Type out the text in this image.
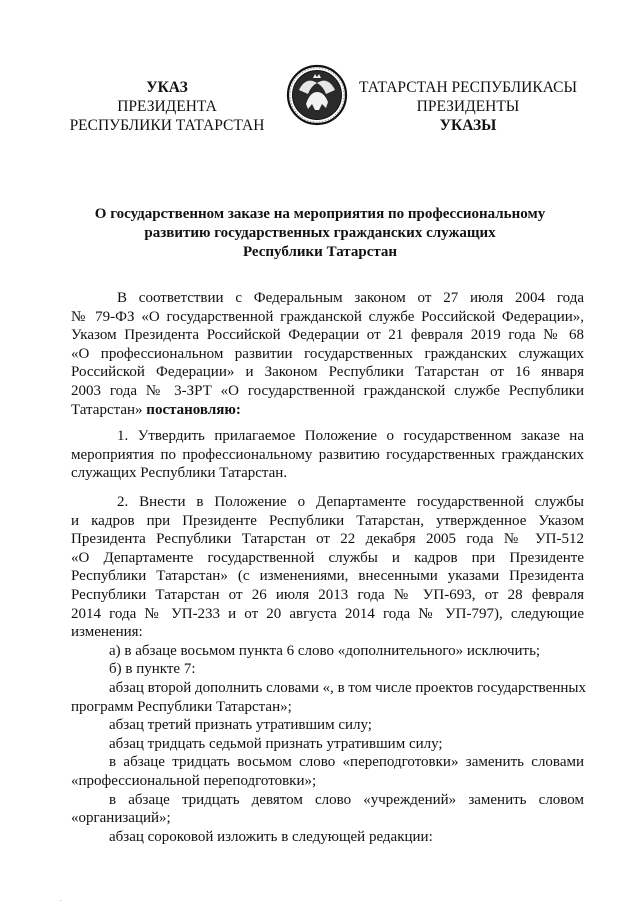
УКАЗ
ПРЕЗИДЕНТА
РЕСПУБЛИКИ ТАТАРСТАН
ТАТАРСТАН РЕСПУБЛИКАСЫ
ПРЕЗИДЕНТЫ
УКАЗЫ
О государственном заказе на мероприятия по профессиональному
развитию государственных гражданских служащих
Республики Татарстан
В соответствии с Федеральным законом от 27 июля 2004 года
№ 79-ФЗ «О государственной гражданской службе Российской Федерации»,
Указом Президента Российской Федерации от 21 февраля 2019 года № 68
«О профессиональном развитии государственных гражданских служащих
Российской Федерации» и Законом Республики Татарстан от 16 января
2003 года № 3-ЗРТ «О государственной гражданской службе Республики
Татарстан» постановляю:
1. Утвердить прилагаемое Положение о государственном заказе на
мероприятия по профессиональному развитию государственных гражданских
служащих Республики Татарстан.
2. Внести в Положение о Департаменте государственной службы
и кадров при Президенте Республики Татарстан, утвержденное Указом
Президента Республики Татарстан от 22 декабря 2005 года № УП-512
«О Департаменте государственной службы и кадров при Президенте
Республики Татарстан» (с изменениями, внесенными указами Президента
Республики Татарстан от 26 июля 2013 года № УП-693, от 28 февраля
2014 года № УП-233 и от 20 августа 2014 года № УП-797), следующие
изменения:
а) в абзаце восьмом пункта 6 слово «дополнительного» исключить;
б) в пункте 7:
абзац второй дополнить словами «, в том числе проектов государственных
программ Республики Татарстан»;
абзац третий признать утратившим силу;
абзац тридцать седьмой признать утратившим силу;
в абзаце тридцать восьмом слово «переподготовки» заменить словами
«профессиональной переподготовки»;
в абзаце тридцать девятом слово «учреждений» заменить словом
«организаций»;
абзац сороковой изложить в следующей редакции:
.
